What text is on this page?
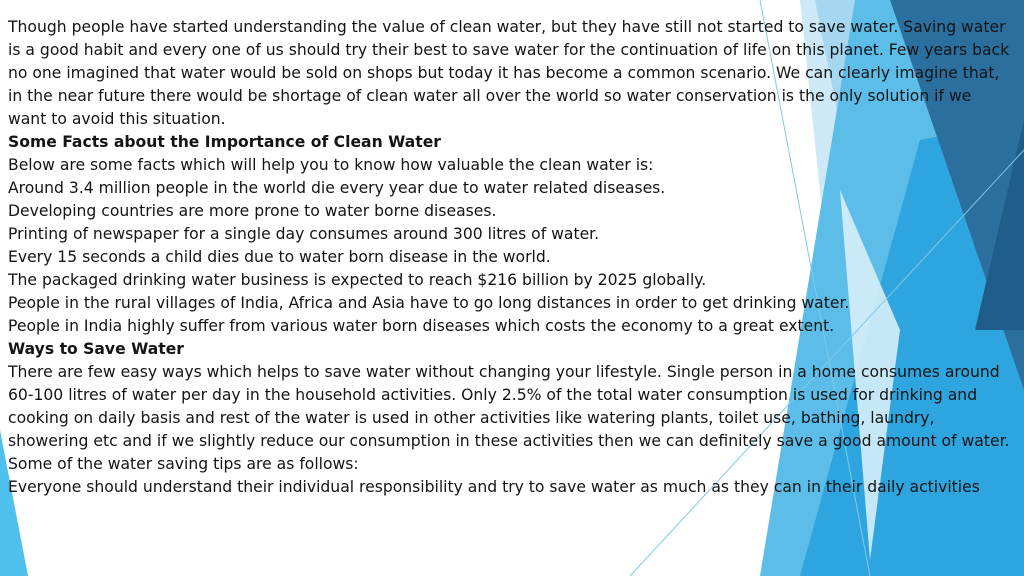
Though people have started understanding the value of clean water, but they have still not started to save water. Saving water is a good habit and every one of us should try their best to save water for the continuation of life on this planet. Few years back no one imagined that water would be sold on shops but today it has become a common scenario. We can clearly imagine that, in the near future there would be shortage of clean water all over the world so water conservation is the only solution if we want to avoid this situation.

Some Facts about the Importance of Clean Water

Below are some facts which will help you to know how valuable the clean water is:

Around 3.4 million people in the world die every year due to water related diseases.

Developing countries are more prone to water borne diseases.

Printing of newspaper for a single day consumes around 300 litres of water.

Every 15 seconds a child dies due to water born disease in the world.

The packaged drinking water business is expected to reach $216 billion by 2025 globally.

People in the rural villages of India, Africa and Asia have to go long distances in order to get drinking water.

People in India highly suffer from various water born diseases which costs the economy to a great extent.

Ways to Save Water

There are few easy ways which helps to save water without changing your lifestyle. Single person in a home consumes around 60-100 litres of water per day in the household activities. Only 2.5% of the total water consumption is used for drinking and cooking on daily basis and rest of the water is used in other activities like watering plants, toilet use, bathing, laundry, showering etc and if we slightly reduce our consumption in these activities then we can definitely save a good amount of water.

Some of the water saving tips are as follows:

Everyone should understand their individual responsibility and try to save water as much as they can in their daily activities
